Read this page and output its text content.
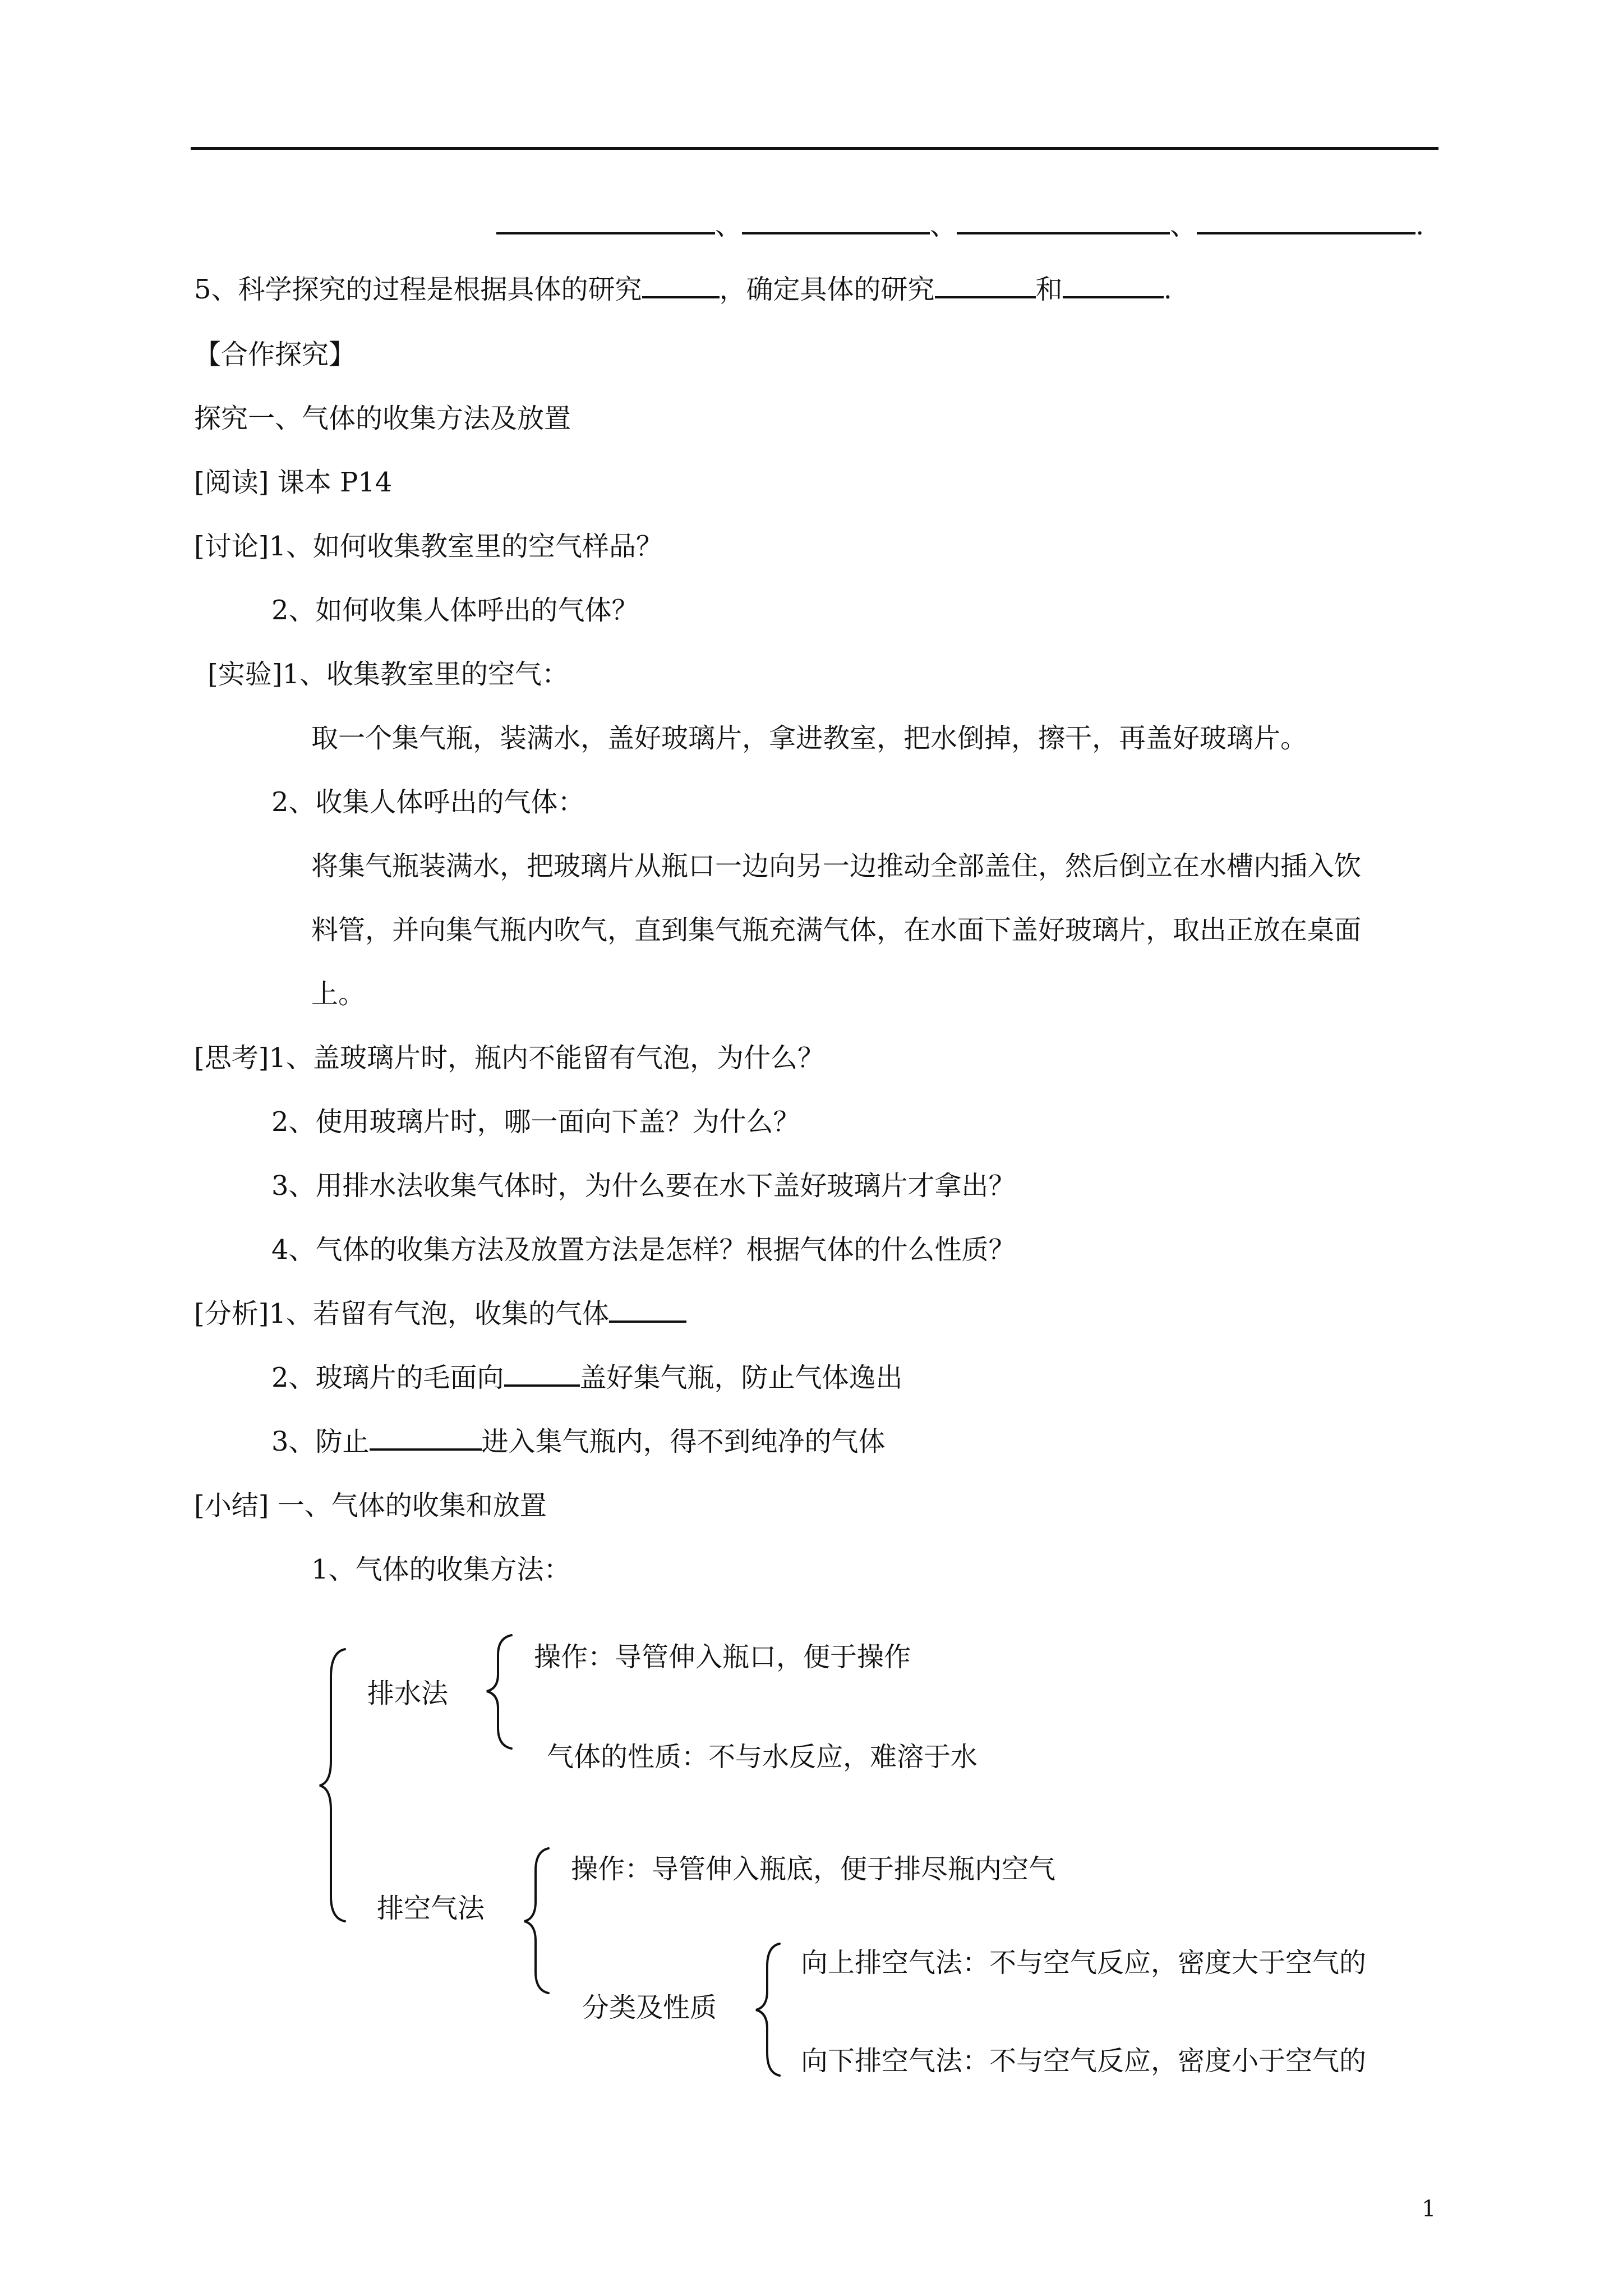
、	、	、	.
5、科学探究的过程是根据具体的研究	，确定具体的研究	和	.
【合作探究】
探究一、气体的收集方法及放置
[阅读] 课本 P14
[讨论]1、如何收集教室里的空气样品？
2、如何收集人体呼出的气体？
[实验]1、收集教室里的空气：
取一个集气瓶，装满水，盖好玻璃片，拿进教室，把水倒掉，擦干，再盖好玻璃片。
2、收集人体呼出的气体：
将集气瓶装满水，把玻璃片从瓶口一边向另一边推动全部盖住，然后倒立在水槽内插入饮
料管，并向集气瓶内吹气，直到集气瓶充满气体，在水面下盖好玻璃片，取出正放在桌面
上。
[思考]1、盖玻璃片时，瓶内不能留有气泡，为什么？
2、使用玻璃片时，哪一面向下盖？为什么？
3、用排水法收集气体时，为什么要在水下盖好玻璃片才拿出？
4、气体的收集方法及放置方法是怎样？根据气体的什么性质？
[分析]1、若留有气泡，收集的气体
2、玻璃片的毛面向	盖好集气瓶，防止气体逸出
3、防止	进入集气瓶内，得不到纯净的气体
[小结] 一、气体的收集和放置
1、气体的收集方法：
排水法
操作：导管伸入瓶口，便于操作
气体的性质：不与水反应，难溶于水
排空气法
操作：导管伸入瓶底，便于排尽瓶内空气
分类及性质
向上排空气法：不与空气反应，密度大于空气的
向下排空气法：不与空气反应，密度小于空气的
1
